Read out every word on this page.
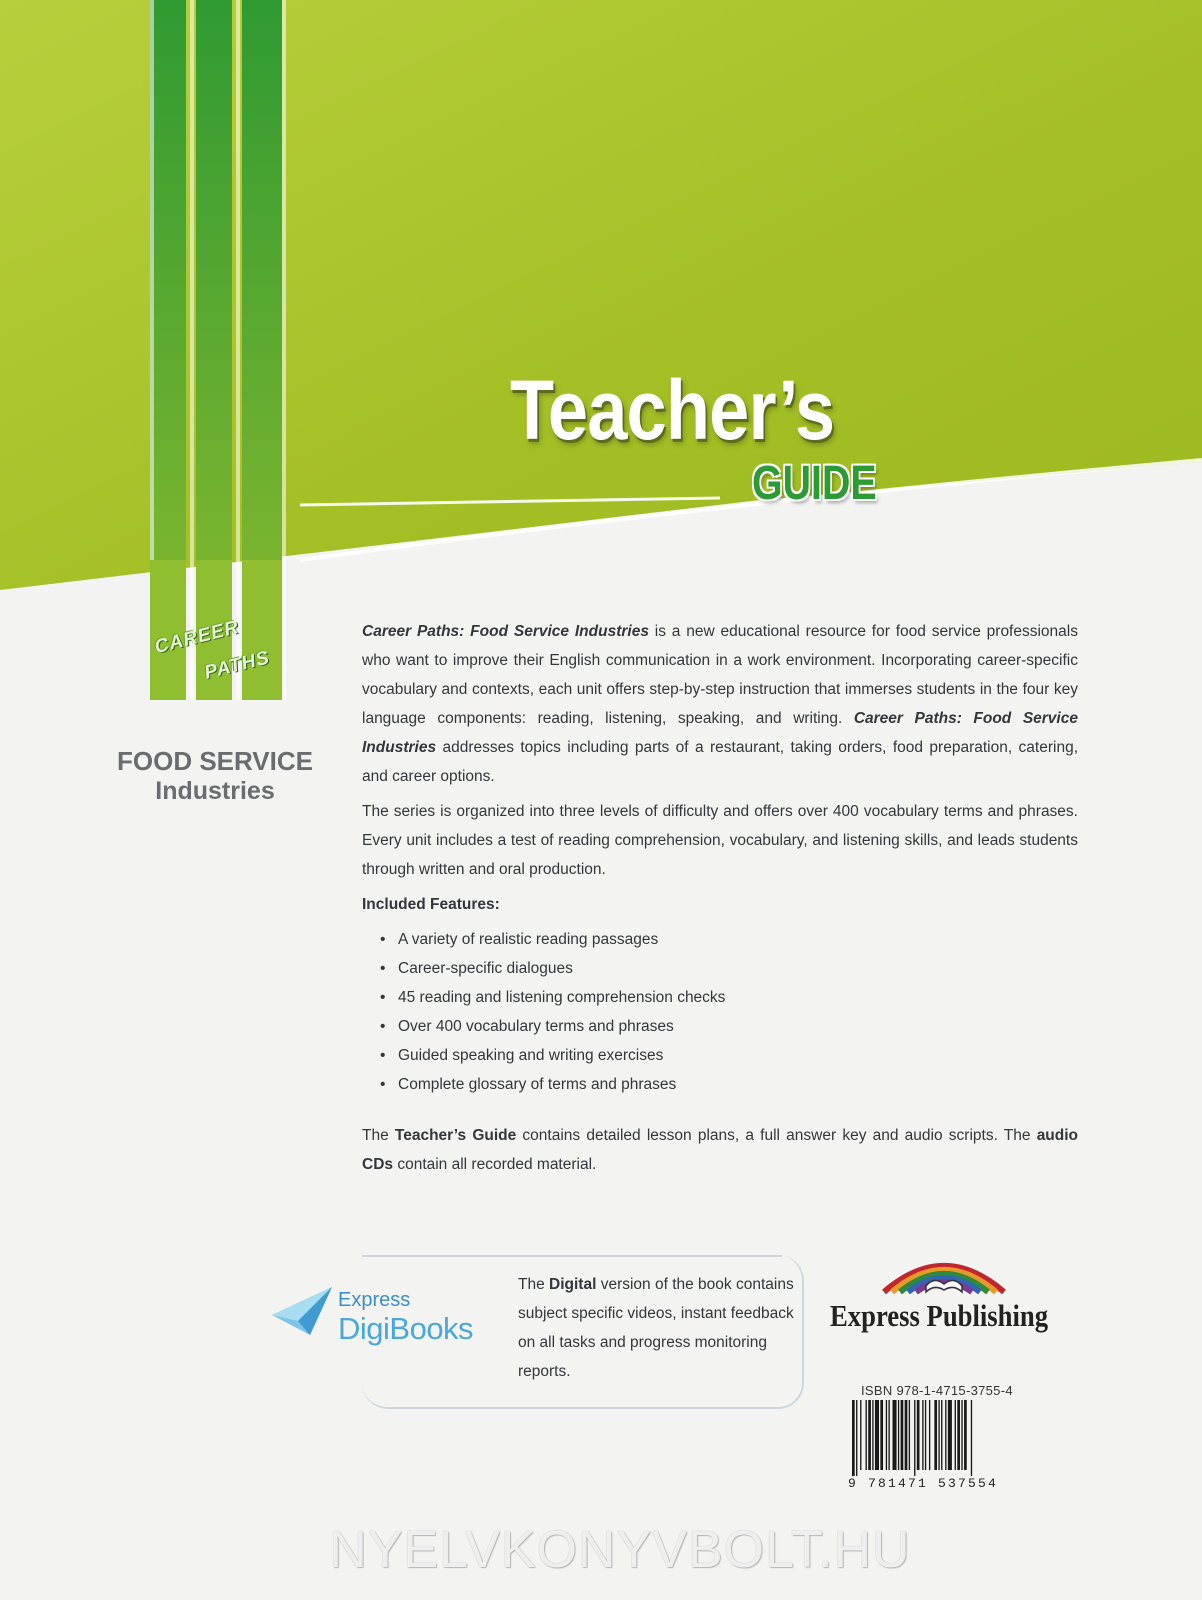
CAREER
PATHS
FOOD SERVICE
Industries
Teacher’s
GUIDE

Career Paths: Food Service Industries is a new educational resource for food service professionals who want to improve their English communication in a work environment. Incorporating career-specific vocabulary and contexts, each unit offers step-by-step instruction that immerses students in the four key language components: reading, listening, speaking, and writing. Career Paths: Food Service Industries addresses topics including parts of a restaurant, taking orders, food preparation, catering, and career options.

The series is organized into three levels of difficulty and offers over 400 vocabulary terms and phrases. Every unit includes a test of reading comprehension, vocabulary, and listening skills, and leads students through written and oral production.

Included Features:

• A variety of realistic reading passages
• Career-specific dialogues
• 45 reading and listening comprehension checks
• Over 400 vocabulary terms and phrases
• Guided speaking and writing exercises
• Complete glossary of terms and phrases

The Teacher’s Guide contains detailed lesson plans, a full answer key and audio scripts. The audio CDs contain all recorded material.

Express
DigiBooks
The Digital version of the book contains subject specific videos, instant feedback on all tasks and progress monitoring reports.
Express Publishing
ISBN 978-1-4715-3755-4
9 781471 537554
NYELVKONYVBOLT.HU
